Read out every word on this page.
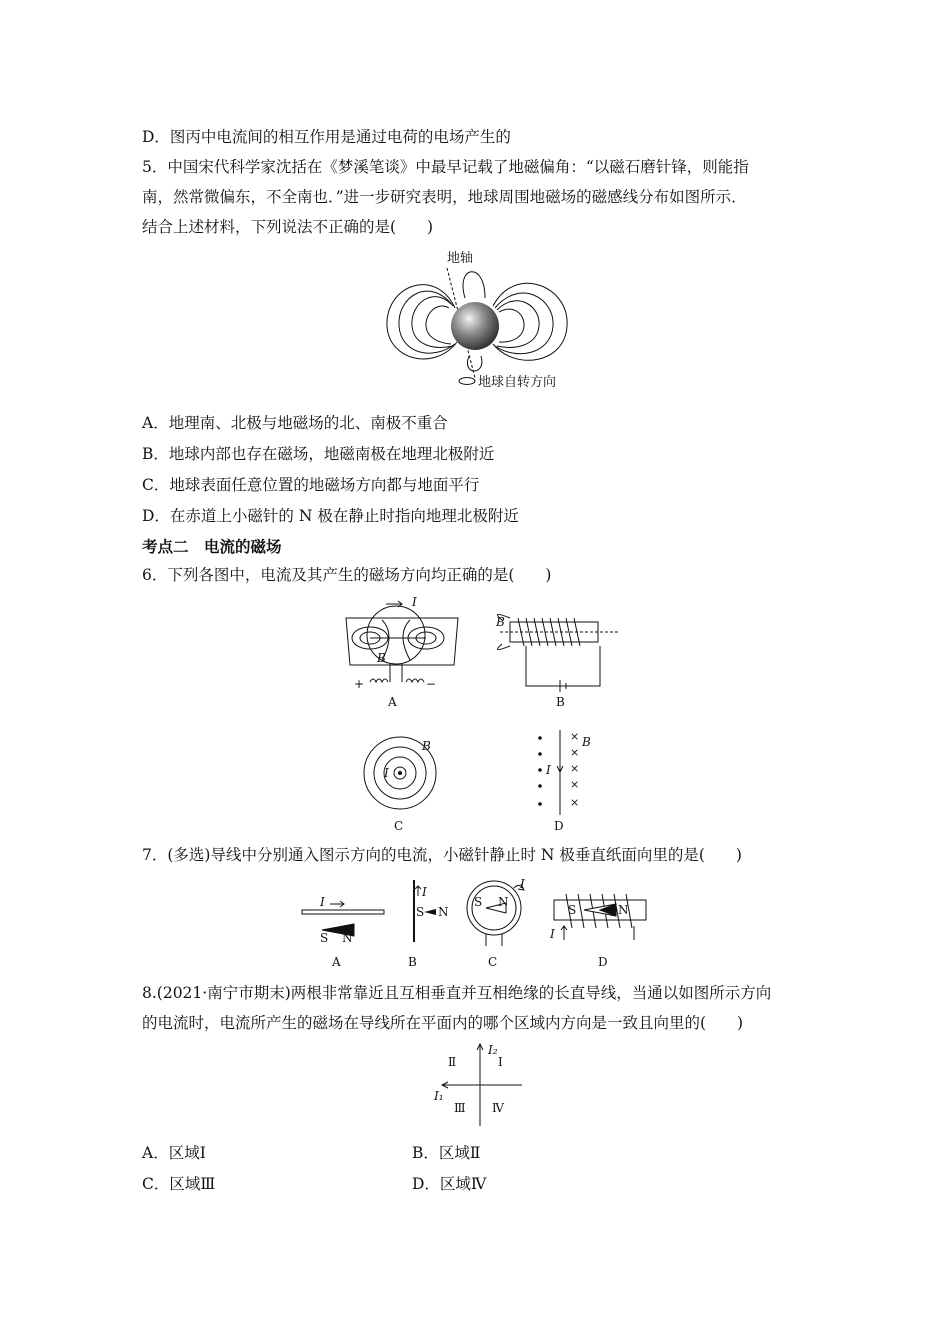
D．图丙中电流间的相互作用是通过电荷的电场产生的
5．中国宋代科学家沈括在《梦溪笔谈》中最早记载了地磁偏角：“以磁石磨针锋，则能指
南，然常微偏东，不全南也．”进一步研究表明，地球周围地磁场的磁感线分布如图所示．
结合上述材料，下列说法不正确的是(　　)
地轴
地球自转方向
A．地理南、北极与地磁场的北、南极不重合
B．地球内部也存在磁场，地磁南极在地理北极附近
C．地球表面任意位置的地磁场方向都与地面平行
D．在赤道上小磁针的 N 极在静止时指向地理北极附近
考点二　电流的磁场
6．下列各图中，电流及其产生的磁场方向均正确的是(　　)
I
B
+	−
A
B
B
I
B
C
×
×
×
×
×
I
B
D
7．(多选)导线中分别通入图示方向的电流，小磁针静止时 N 极垂直纸面向里的是(　　)
I
S N
A
I
S N
B
I
S N
C
S	N
I
D
8.(2021·南宁市期末)两根非常靠近且互相垂直并互相绝缘的长直导线，当通以如图所示方向
的电流时，电流所产生的磁场在导线所在平面内的哪个区域内方向是一致且向里的(　　)
I₂
I₁
Ⅰ
Ⅱ
Ⅲ Ⅳ
A．区域Ⅰ	B．区域Ⅱ
C．区域Ⅲ	D．区域Ⅳ
